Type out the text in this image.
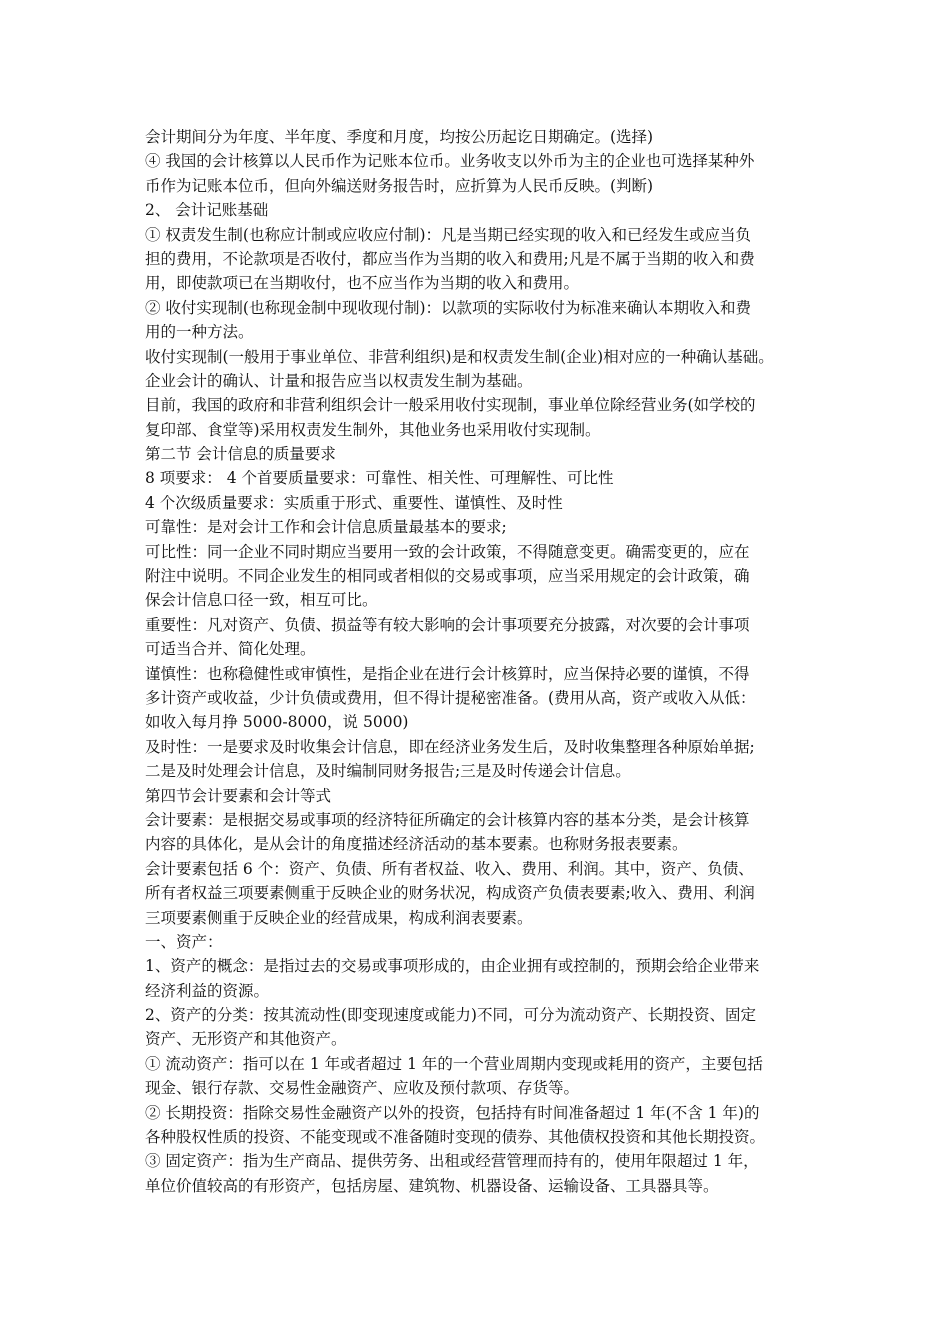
会计期间分为年度、半年度、季度和月度，均按公历起讫日期确定。(选择)
④ 我国的会计核算以人民币作为记账本位币。业务收支以外币为主的企业也可选择某种外
币作为记账本位币，但向外编送财务报告时，应折算为人民币反映。(判断)
2、 会计记账基础
① 权责发生制(也称应计制或应收应付制)：凡是当期已经实现的收入和已经发生或应当负
担的费用，不论款项是否收付，都应当作为当期的收入和费用;凡是不属于当期的收入和费
用，即使款项已在当期收付，也不应当作为当期的收入和费用。
② 收付实现制(也称现金制中现收现付制)：以款项的实际收付为标准来确认本期收入和费
用的一种方法。
收付实现制(一般用于事业单位、非营利组织)是和权责发生制(企业)相对应的一种确认基础。
企业会计的确认、计量和报告应当以权责发生制为基础。
目前，我国的政府和非营利组织会计一般采用收付实现制，事业单位除经营业务(如学校的
复印部、食堂等)采用权责发生制外，其他业务也采用收付实现制。
第二节 会计信息的质量要求
8 项要求： 4 个首要质量要求：可靠性、相关性、可理解性、可比性
4 个次级质量要求：实质重于形式、重要性、谨慎性、及时性
可靠性：是对会计工作和会计信息质量最基本的要求;
可比性：同一企业不同时期应当要用一致的会计政策，不得随意变更。确需变更的，应在
附注中说明。不同企业发生的相同或者相似的交易或事项，应当采用规定的会计政策，确
保会计信息口径一致，相互可比。
重要性：凡对资产、负债、损益等有较大影响的会计事项要充分披露，对次要的会计事项
可适当合并、简化处理。
谨慎性：也称稳健性或审慎性，是指企业在进行会计核算时，应当保持必要的谨慎，不得
多计资产或收益，少计负债或费用，但不得计提秘密准备。(费用从高，资产或收入从低：
如收入每月挣 5000-8000，说 5000)
及时性：一是要求及时收集会计信息，即在经济业务发生后，及时收集整理各种原始单据;
二是及时处理会计信息，及时编制同财务报告;三是及时传递会计信息。
第四节会计要素和会计等式
会计要素：是根据交易或事项的经济特征所确定的会计核算内容的基本分类，是会计核算
内容的具体化，是从会计的角度描述经济活动的基本要素。也称财务报表要素。
会计要素包括 6 个：资产、负债、所有者权益、收入、费用、利润。其中，资产、负债、
所有者权益三项要素侧重于反映企业的财务状况，构成资产负债表要素;收入、费用、利润
三项要素侧重于反映企业的经营成果，构成利润表要素。
一、资产：
1、资产的概念：是指过去的交易或事项形成的，由企业拥有或控制的，预期会给企业带来
经济利益的资源。
2、资产的分类：按其流动性(即变现速度或能力)不同，可分为流动资产、长期投资、固定
资产、无形资产和其他资产。
① 流动资产：指可以在 1 年或者超过 1 年的一个营业周期内变现或耗用的资产，主要包括
现金、银行存款、交易性金融资产、应收及预付款项、存货等。
② 长期投资：指除交易性金融资产以外的投资，包括持有时间准备超过 1 年(不含 1 年)的
各种股权性质的投资、不能变现或不准备随时变现的债券、其他债权投资和其他长期投资。
③ 固定资产：指为生产商品、提供劳务、出租或经营管理而持有的，使用年限超过 1 年，
单位价值较高的有形资产，包括房屋、建筑物、机器设备、运输设备、工具器具等。
